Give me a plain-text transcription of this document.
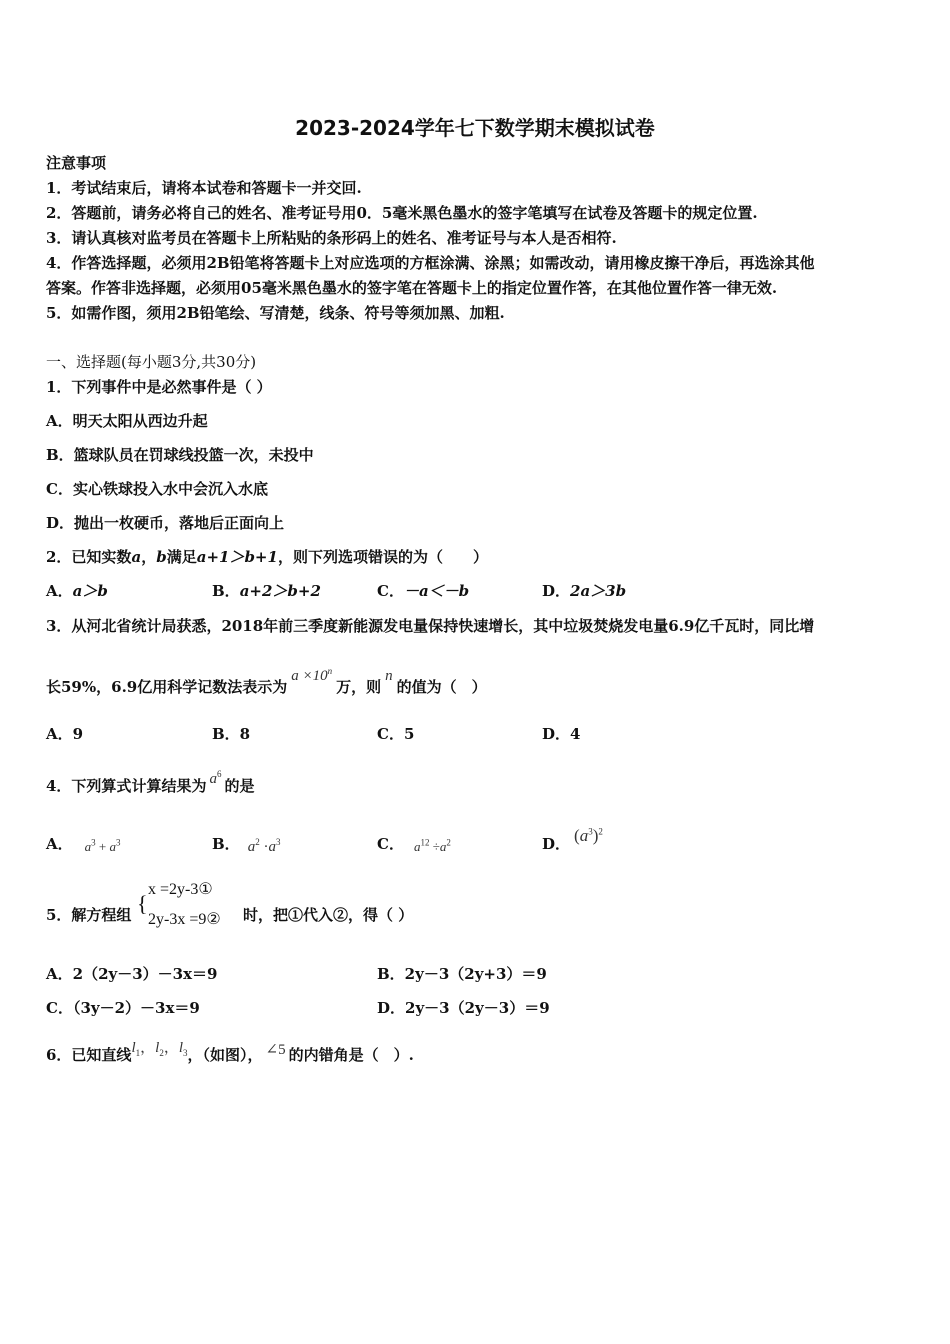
2023-2024学年七下数学期末模拟试卷
注意事项
1．考试结束后，请将本试卷和答题卡一并交回.
2．答题前，请务必将自己的姓名、准考证号用0．5毫米黑色墨水的签字笔填写在试卷及答题卡的规定位置.
3．请认真核对监考员在答题卡上所粘贴的条形码上的姓名、准考证号与本人是否相符.
4．作答选择题，必须用2B铅笔将答题卡上对应选项的方框涂满、涂黑；如需改动，请用橡皮擦干净后，再选涂其他
答案。作答非选择题，必须用05毫米黑色墨水的签字笔在答题卡上的指定位置作答，在其他位置作答一律无效.
5．如需作图，须用2B铅笔绘、写清楚，线条、符号等须加黑、加粗.
一、选择题(每小题3分,共30分)
1．下列事件中是必然事件是（ ）
A．明天太阳从西边升起
B．篮球队员在罚球线投篮一次，未投中
C．实心铁球投入水中会沉入水底
D．抛出一枚硬币，落地后正面向上
2．已知实数a，b满足a+1＞b+1，则下列选项错误的为（　　）
A．a＞b	B．a+2＞b+2	C．－a＜－b	D．2a＞3b
3．从河北省统计局获悉，2018年前三季度新能源发电量保持快速增长，其中垃圾焚烧发电量6.9亿千瓦时，同比增
长59%，6.9亿用科学记数法表示为$a \times 10^n$万，则n的值为（　）
A．9	B．8	C．5	D．4
4．下列算式计算结果为 $a^6$的是
A． $a^3 + a^3$	B． $a^2 \cdot a^3$	C． $a^{12} \div a^2$	D． $(a^3)^2$
5．解方程组 {
x =2y-3①
2y-3x =9② 时，把①代入②，得（ ）
A．2（2y－3）－3x＝9	B．2y－3（2y+3）＝9
C．（3y－2）－3x＝9	D．2y－3（2y－3）＝9
6．已知直线$l_1$，$l_2$，$l_3$，（如图）， ∠5 的内错角是（　）.
